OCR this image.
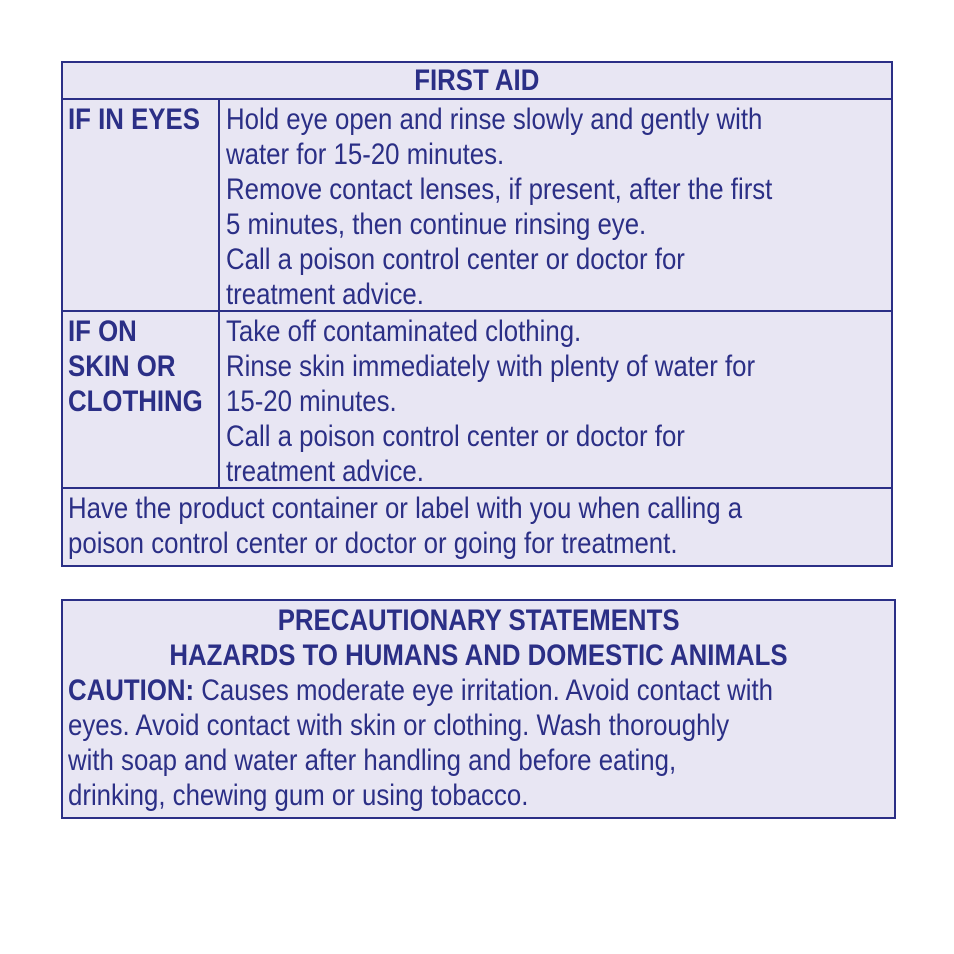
FIRST AID
IF IN EYES Hold eye open and rinse slowly and gently with
water for 15-20 minutes.
Remove contact lenses, if present, after the first
5 minutes, then continue rinsing eye.
Call a poison control center or doctor for
treatment advice.
IF ON
SKIN OR
CLOTHING
Take off contaminated clothing.
Rinse skin immediately with plenty of water for
15-20 minutes.
Call a poison control center or doctor for
treatment advice.
Have the product container or label with you when calling a
poison control center or doctor or going for treatment.
PRECAUTIONARY STATEMENTS
HAZARDS TO HUMANS AND DOMESTIC ANIMALS
CAUTION: Causes moderate eye irritation. Avoid contact with
eyes. Avoid contact with skin or clothing. Wash thoroughly
with soap and water after handling and before eating,
drinking, chewing gum or using tobacco.
